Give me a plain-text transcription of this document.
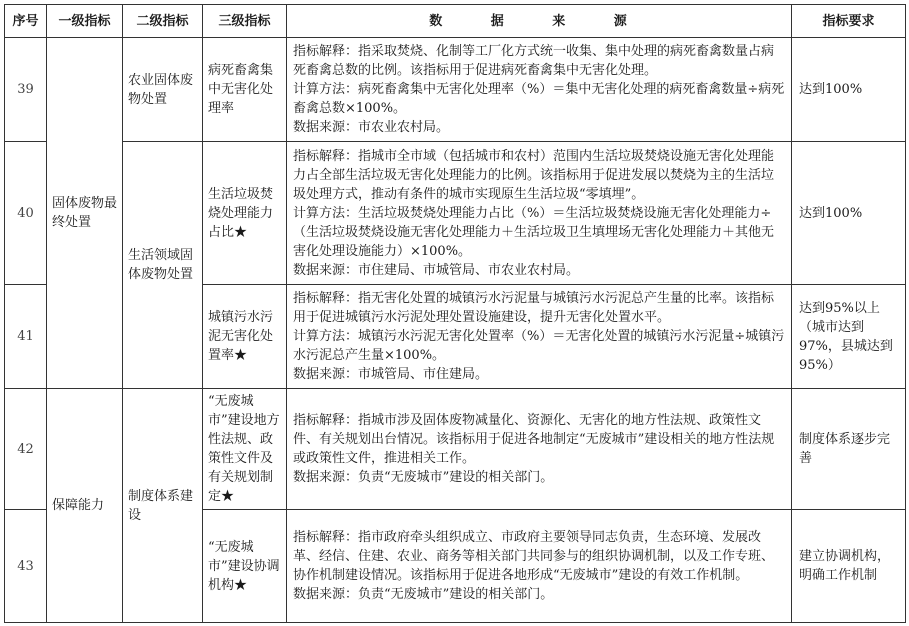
序号	一级指标	二级指标	三级指标	数 据 来 源	指标要求
39	固体废物最终处置	农业固体废物处置	病死畜禽集中无害化处理率	指标解释：指采取焚烧、化制等工厂化方式统一收集、集中处理的病死畜禽数量占病死畜禽总数的比例。该指标用于促进病死畜禽集中无害化处理。
计算方法：病死畜禽集中无害化处理率（%）＝集中无害化处理的病死畜禽数量÷病死畜禽总数×100%。
数据来源：市农业农村局。	达到100%
40		生活领域固体废物处置	生活垃圾焚烧处理能力占比★	指标解释：指城市全市域（包括城市和农村）范围内生活垃圾焚烧设施无害化处理能力占全部生活垃圾无害化处理能力的比例。该指标用于促进发展以焚烧为主的生活垃圾处理方式，推动有条件的城市实现原生生活垃圾“零填埋”。
计算方法：生活垃圾焚烧处理能力占比（%）＝生活垃圾焚烧设施无害化处理能力÷（生活垃圾焚烧设施无害化处理能力＋生活垃圾卫生填埋场无害化处理能力＋其他无害化处理设施能力）×100%。
数据来源：市住建局、市城管局、市农业农村局。	达到100%
41			城镇污水污泥无害化处置率★	指标解释：指无害化处置的城镇污水污泥量与城镇污水污泥总产生量的比率。该指标用于促进城镇污水污泥处理处置设施建设，提升无害化处置水平。
计算方法：城镇污水污泥无害化处置率（%）＝无害化处置的城镇污水污泥量÷城镇污水污泥总产生量×100%。
数据来源：市城管局、市住建局。	达到95%以上（城市达到97%，县城达到95%）
42	保障能力	制度体系建设	“无废城市”建设地方性法规、政策性文件及有关规划制定★	指标解释：指城市涉及固体废物减量化、资源化、无害化的地方性法规、政策性文件、有关规划出台情况。该指标用于促进各地制定“无废城市”建设相关的地方性法规或政策性文件，推进相关工作。
数据来源：负责“无废城市”建设的相关部门。	制度体系逐步完善
43			“无废城市”建设协调机构★	指标解释：指市政府牵头组织成立、市政府主要领导同志负责，生态环境、发展改革、经信、住建、农业、商务等相关部门共同参与的组织协调机制，以及工作专班、协作机制建设情况。该指标用于促进各地形成“无废城市”建设的有效工作机制。
数据来源：负责“无废城市”建设的相关部门。	建立协调机构，明确工作机制
